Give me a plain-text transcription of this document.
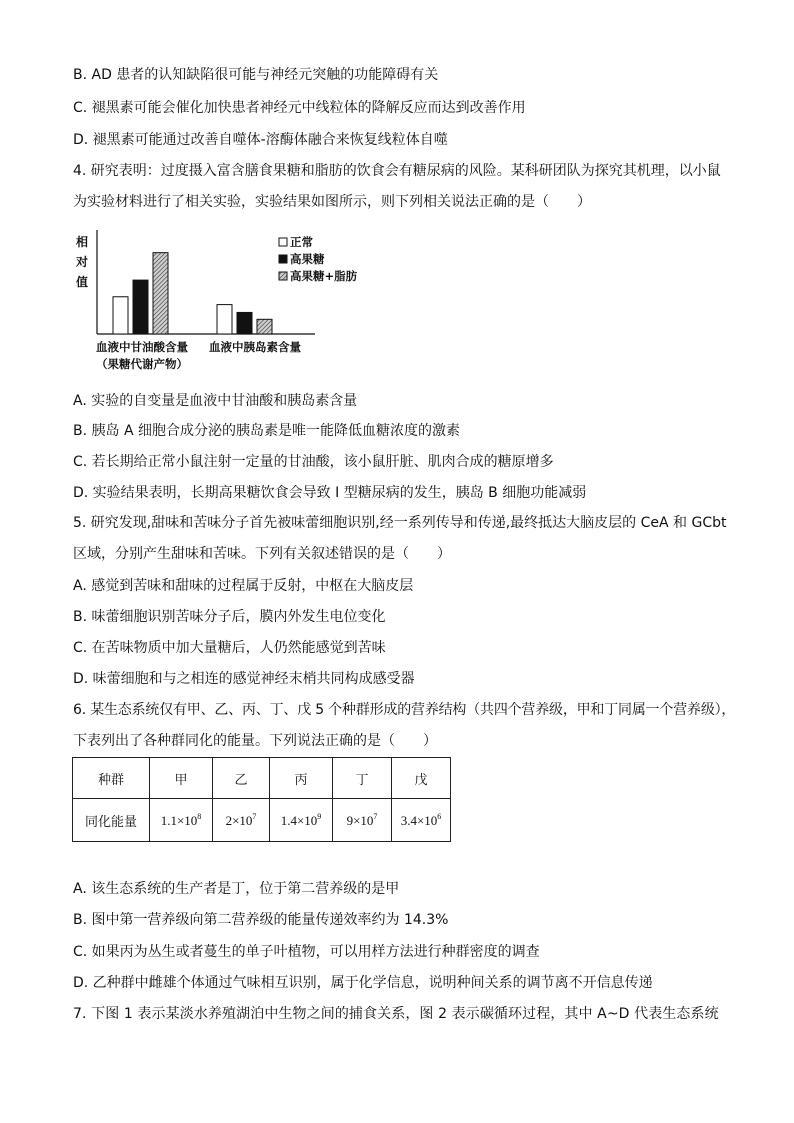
B. AD 患者的认知缺陷很可能与神经元突触的功能障碍有关
C. 褪黑素可能会催化加快患者神经元中线粒体的降解反应而达到改善作用
D. 褪黑素可能通过改善自噬体-溶酶体融合来恢复线粒体自噬
4. 研究表明：过度摄入富含膳食果糖和脂肪的饮食会有糖尿病的风险。某科研团队为探究其机理，以小鼠
为实验材料进行了相关实验，实验结果如图所示，则下列相关说法正确的是（　　）
相
对
值
血液中甘油酸含量
（果糖代谢产物）
血液中胰岛素含量
正常
高果糖
高果糖+脂肪
A. 实验的自变量是血液中甘油酸和胰岛素含量
B. 胰岛 A 细胞合成分泌的胰岛素是唯一能降低血糖浓度的激素
C. 若长期给正常小鼠注射一定量的甘油酸，该小鼠肝脏、肌肉合成的糖原增多
D. 实验结果表明，长期高果糖饮食会导致 I 型糖尿病的发生，胰岛 B 细胞功能减弱
5. 研究发现,甜味和苦味分子首先被味蕾细胞识别,经一系列传导和传递,最终抵达大脑皮层的 CeA 和 GCbt
区域，分别产生甜味和苦味。下列有关叙述错误的是（　　）
A. 感觉到苦味和甜味的过程属于反射，中枢在大脑皮层
B. 味蕾细胞识别苦味分子后，膜内外发生电位变化
C. 在苦味物质中加大量糖后，人仍然能感觉到苦味
D. 味蕾细胞和与之相连的感觉神经末梢共同构成感受器
6. 某生态系统仅有甲、乙、丙、丁、戊 5 个种群形成的营养结构（共四个营养级，甲和丁同属一个营养级），
下表列出了各种群同化的能量。下列说法正确的是（　　）
种群	甲	乙	丙	丁	戊
同化能量	$1.1\times 10^8$	$2\times 10^7$	$1.4\times 10^9$	$9\times 10^7$	$3.4\times 10^6$
A. 该生态系统的生产者是丁，位于第二营养级的是甲
B. 图中第一营养级向第二营养级的能量传递效率约为 14.3%
C. 如果丙为丛生或者蔓生的单子叶植物，可以用样方法进行种群密度的调查
D. 乙种群中雌雄个体通过气味相互识别，属于化学信息，说明种间关系的调节离不开信息传递
7. 下图 1 表示某淡水养殖湖泊中生物之间的捕食关系，图 2 表示碳循环过程，其中 A~D 代表生态系统
